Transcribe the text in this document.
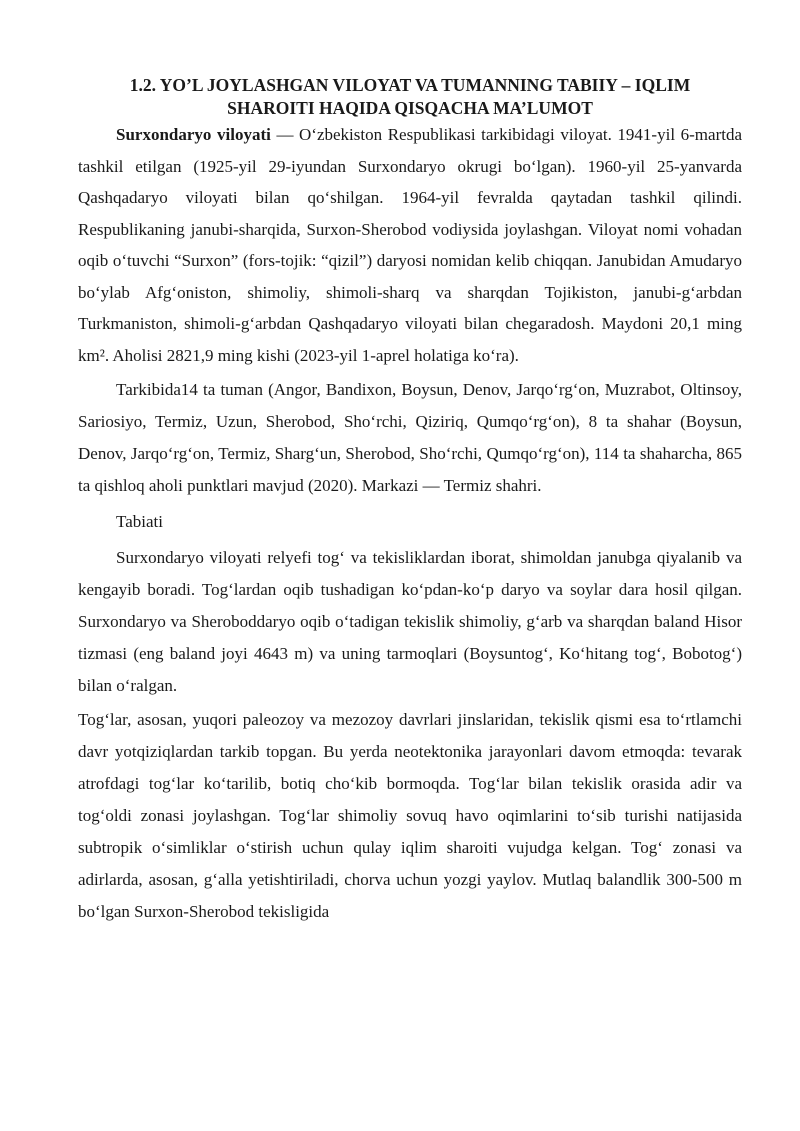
1.2. YO’L JOYLASHGAN VILOYAT VA TUMANNING TABIIY – IQLIM
SHAROITI HAQIDA QISQACHA MA’LUMOT

Surxondaryo viloyati — Oʻzbekiston Respublikasi tarkibidagi viloyat. 1941-yil 6-martda tashkil etilgan (1925-yil 29-iyundan Surxondaryo okrugi boʻlgan). 1960-yil 25-yanvarda Qashqadaryo viloyati bilan qoʻshilgan. 1964-yil fevralda qaytadan tashkil qilindi. Respublikaning janubi-sharqida, Surxon-Sherobod vodiysida joylashgan. Viloyat nomi vohadan oqib oʻtuvchi “Surxon” (fors-tojik: “qizil”) daryosi nomidan kelib chiqqan. Janubidan Amudaryo boʻylab Afgʻoniston, shimoliy, shimoli-sharq va sharqdan Tojikiston, janubi-gʻarbdan Turkmaniston, shimoli-gʻarbdan Qashqadaryo viloyati bilan chegaradosh. Maydoni 20,1 ming km². Aholisi 2821,9 ming kishi (2023-yil 1-aprel holatiga koʻra).

Tarkibida14 ta tuman (Angor, Bandixon, Boysun, Denov, Jarqoʻrgʻon, Muzrabot, Oltinsoy, Sariosiyo, Termiz, Uzun, Sherobod, Shoʻrchi, Qiziriq, Qumqoʻrgʻon), 8 ta shahar (Boysun, Denov, Jarqoʻrgʻon, Termiz, Shargʻun, Sherobod, Shoʻrchi, Qumqoʻrgʻon), 114 ta shaharcha, 865 ta qishloq aholi punktlari mavjud (2020). Markazi — Termiz shahri.

Tabiati

Surxondaryo viloyati relyefi togʻ va tekisliklardan iborat, shimoldan janubga qiyalanib va kengayib boradi. Togʻlardan oqib tushadigan koʻpdan-koʻp daryo va soylar dara hosil qilgan. Surxondaryo va Sheroboddaryo oqib oʻtadigan tekislik shimoliy, gʻarb va sharqdan baland Hisor tizmasi (eng baland joyi 4643 m) va uning tarmoqlari (Boysuntogʻ, Koʻhitang togʻ, Bobotogʻ) bilan oʻralgan.

Togʻlar, asosan, yuqori paleozoy va mezozoy davrlari jinslaridan, tekislik qismi esa toʻrtlamchi davr yotqiziqlardan tarkib topgan. Bu yerda neotektonika jarayonlari davom etmoqda: tevarak atrofdagi togʻlar koʻtarilib, botiq choʻkib bormoqda. Togʻlar bilan tekislik orasida adir va togʻoldi zonasi joylashgan. Togʻlar shimoliy sovuq havo oqimlarini toʻsib turishi natijasida subtropik oʻsimliklar oʻstirish uchun qulay iqlim sharoiti vujudga kelgan. Togʻ zonasi va adirlarda, asosan, gʻalla yetishtiriladi, chorva uchun yozgi yaylov. Mutlaq balandlik 300-500 m boʻlgan Surxon-Sherobod tekisligida
